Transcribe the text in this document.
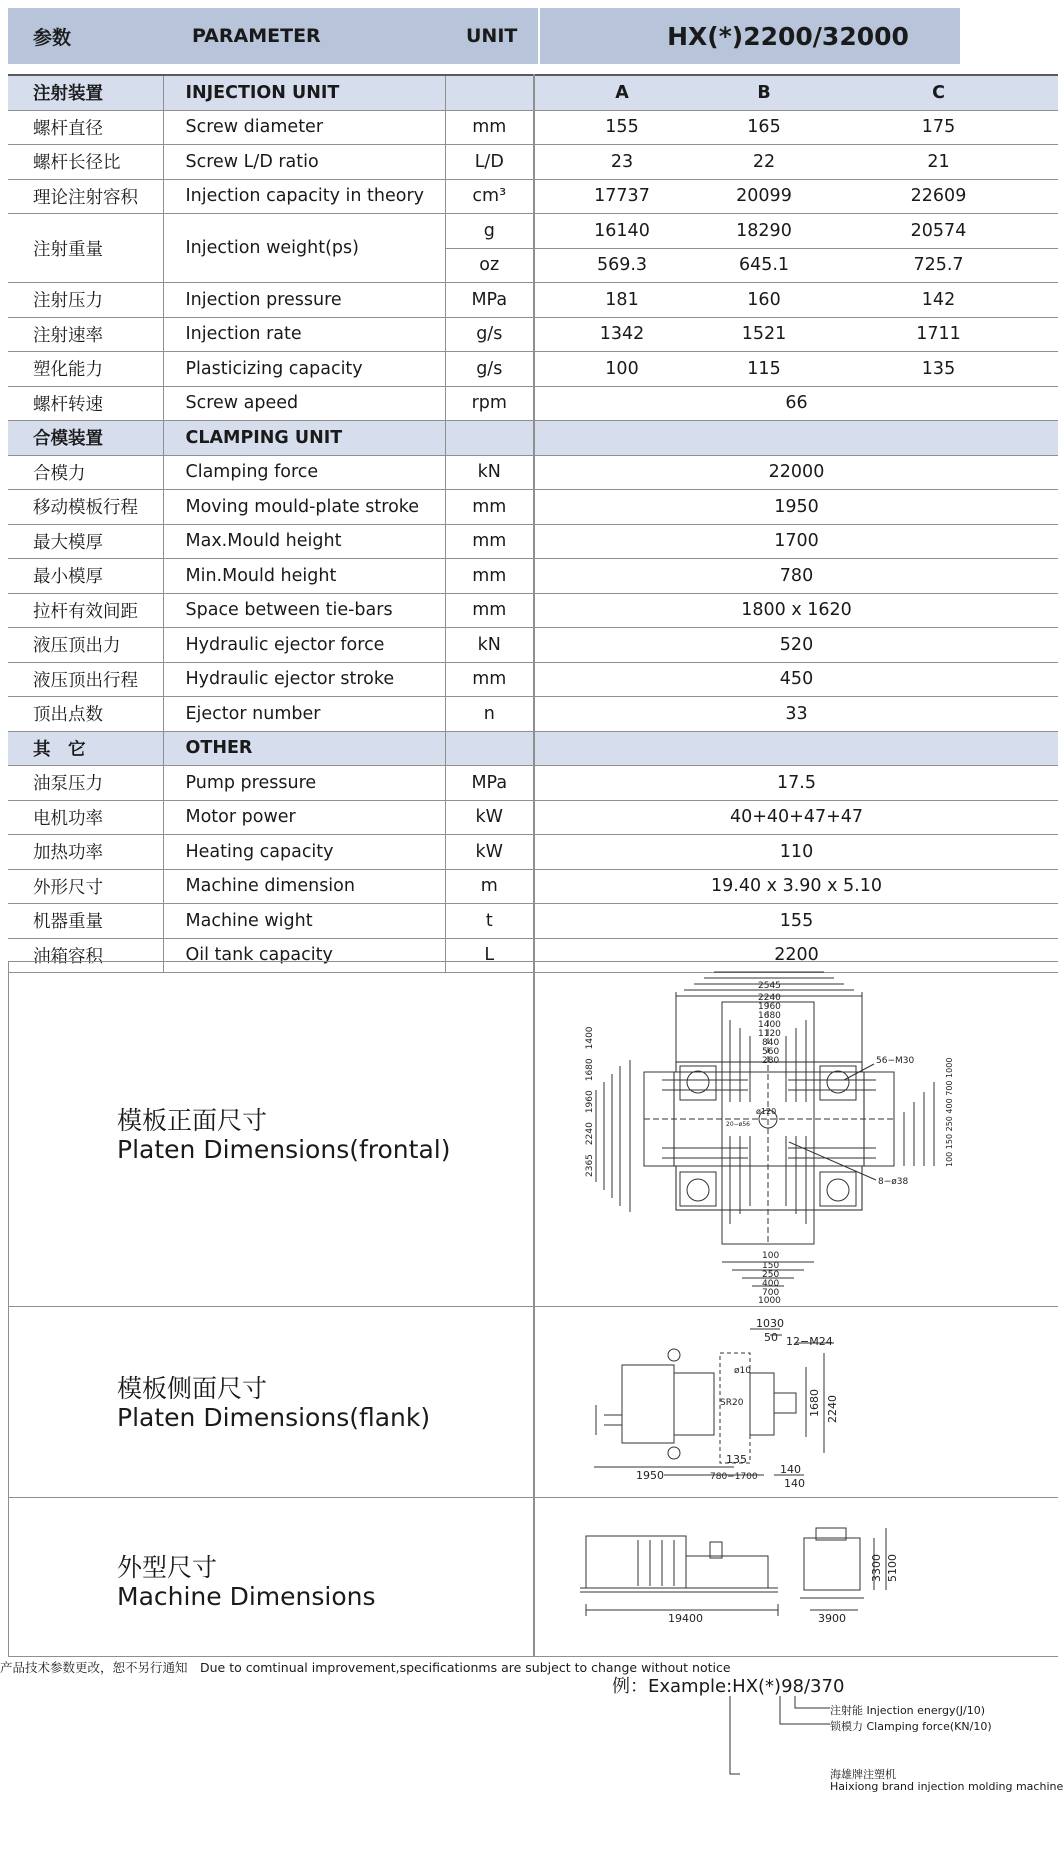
参数	PARAMETER	UNIT	HX(*)2200/32000
注射装置	INJECTION UNIT		A	B	C
螺杆直径	Screw diameter	mm	155	165	175
螺杆长径比	Screw L/D ratio	L/D	23	22	21
理论注射容积	Injection capacity in theory	cm³	17737	20099	22609
注射重量	Injection weight(ps)	g	16140	18290	20574
		oz	569.3	645.1	725.7
注射压力	Injection pressure	MPa	181	160	142
注射速率	Injection rate	g/s	1342	1521	1711
塑化能力	Plasticizing capacity	g/s	100	115	135
螺杆转速	Screw apeed	rpm	66		
合模装置	CLAMPING UNIT				
合模力	Clamping force	kN	22000		
移动模板行程	Moving mould-plate stroke	mm	1950		
最大模厚	Max.Mould height	mm	1700		
最小模厚	Min.Mould height	mm	780		
拉杆有效间距	Space between tie-bars	mm	1800 x 1620		
液压顶出力	Hydraulic ejector force	kN	520		
液压顶出行程	Hydraulic ejector stroke	mm	450		
顶出点数	Ejector number	n	33		
其　它	OTHER				
油泵压力	Pump pressure	MPa	17.5		
电机功率	Motor power	kW	40+40+47+47		
加热功率	Heating capacity	kW	110		
外形尺寸	Machine dimension	m	19.40 x 3.90 x 5.10		
机器重量	Machine wight	t	155		
油箱容积	Oil tank capacity	L	2200		
模板正面尺寸
Platen Dimensions(frontal)
2545
2240
1960
1680
1400
1120
840
560
280	56−M30
8−ø38
ø120
20−ø56
2365　2240　1960　1680　1400	100 150 250 400 700 1000
100
150
250
400
700
1000
模板侧面尺寸
Platen Dimensions(flank)
1030
50 12−M24
ø10
SR20	1680 2240
135
1950	780−1700
140
140
外型尺寸
Machine Dimensions
19400	3900
3300 5100
产品技术参数更改，恕不另行通知　Due to comtinual improvement,specificationms are subject to change without notice
例：Example:HX(*)98/370
注射能 Injection energy(J/10)
锁模力 Clamping force(KN/10)
海雄牌注塑机
Haixiong brand injection molding machine
